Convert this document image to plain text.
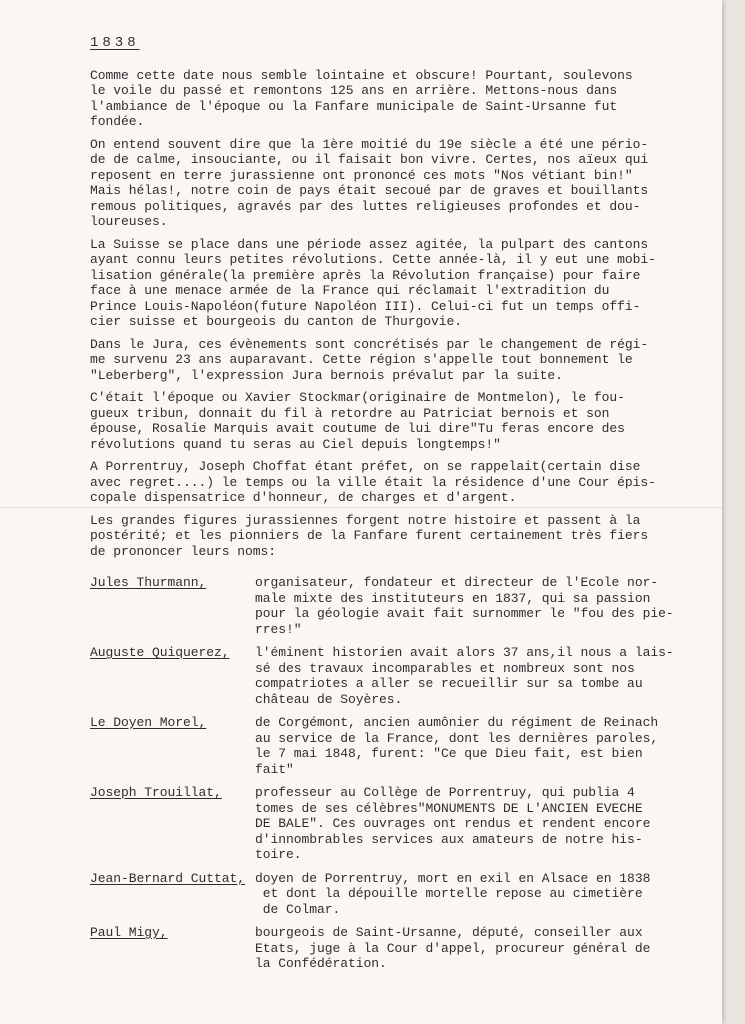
1838
Comme cette date nous semble lointaine et obscure! Pourtant, soulevons
le voile du passé et remontons 125 ans en arrière. Mettons-nous dans
l'ambiance de l'époque ou la Fanfare municipale de Saint-Ursanne fut
fondée.
On entend souvent dire que la 1ère moitié du 19e siècle a été une pério-
de de calme, insouciante, ou il faisait bon vivre. Certes, nos aïeux qui
reposent en terre jurassienne ont prononcé ces mots "Nos vétiant bin!"
Mais hélas!, notre coin de pays était secoué par de graves et bouillants
remous politiques, agravés par des luttes religieuses profondes et dou-
loureuses.
La Suisse se place dans une période assez agitée, la pulpart des cantons
ayant connu leurs petites révolutions. Cette année-là, il y eut une mobi-
lisation générale(la première après la Révolution française) pour faire
face à une menace armée de la France qui réclamait l'extradition du
Prince Louis-Napoléon(future Napoléon III). Celui-ci fut un temps offi-
cier suisse et bourgeois du canton de Thurgovie.
Dans le Jura, ces évènements sont concrétisés par le changement de régi-
me survenu 23 ans auparavant. Cette région s'appelle tout bonnement le
"Leberberg", l'expression Jura bernois prévalut par la suite.
C'était l'époque ou Xavier Stockmar(originaire de Montmelon), le fou-
gueux tribun, donnait du fil à retordre au Patriciat bernois et son
épouse, Rosalie Marquis avait coutume de lui dire"Tu feras encore des
révolutions quand tu seras au Ciel depuis longtemps!"
A Porrentruy, Joseph Choffat étant préfet, on se rappelait(certain dise
avec regret....) le temps ou la ville était la résidence d'une Cour épis-
copale dispensatrice d'honneur, de charges et d'argent.
Les grandes figures jurassiennes forgent notre histoire et passent à la
postérité; et les pionniers de la Fanfare furent certainement très fiers
de prononcer leurs noms:
Jules Thurmann,	organisateur, fondateur et directeur de l'Ecole nor-
male mixte des instituteurs en 1837, qui sa passion
pour la géologie avait fait surnommer le "fou des pie-
rres!"
Auguste Quiquerez, l'éminent historien avait alors 37 ans,il nous a lais-
sé des travaux incomparables et nombreux sont nos
compatriotes a aller se recueillir sur sa tombe au
château de Soyères.
Le Doyen Morel,	de Corgémont, ancien aumônier du régiment de Reinach
au service de la France, dont les dernières paroles,
le 7 mai 1848, furent: "Ce que Dieu fait, est bien
fait"
Joseph Trouillat,	professeur au Collège de Porrentruy, qui publia 4
tomes de ses célèbres"MONUMENTS DE L'ANCIEN EVECHE
DE BALE". Ces ouvrages ont rendus et rendent encore
d'innombrables services aux amateurs de notre his-
toire.
Jean-Bernard Cuttat, doyen de Porrentruy, mort en exil en Alsace en 1838
et dont la dépouille mortelle repose au cimetière
de Colmar.
Paul Migy,	bourgeois de Saint-Ursanne, député, conseiller aux
Etats, juge à la Cour d'appel, procureur général de
la Confédération.
